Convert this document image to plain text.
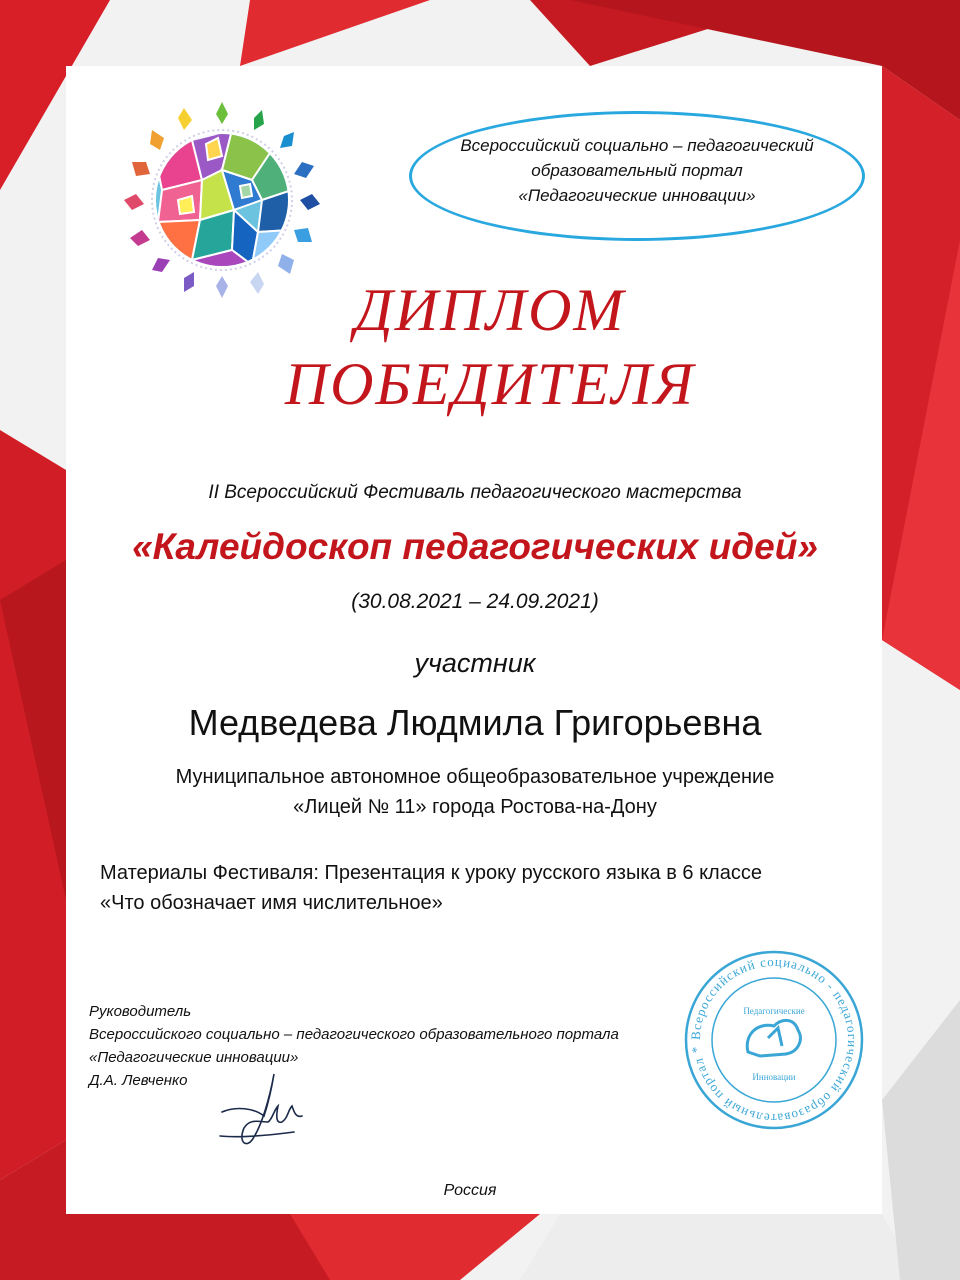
Всероссийский социально – педагогический
образовательный портал
«Педагогические инновации»
ДИПЛОМ
ПОБЕДИТЕЛЯ
II Всероссийский Фестиваль педагогического мастерства
«Калейдоскоп педагогических идей»
(30.08.2021 – 24.09.2021)
участник
Медведева Людмила Григорьевна
Муниципальное автономное общеобразовательное учреждение
«Лицей № 11» города Ростова-на-Дону
Материалы Фестиваля: Презентация к уроку русского языка в 6 классе
«Что обозначает имя числительное»
Всероссийский социально - педагогический образовательный портал *
Педагогические
Инновации
Руководитель
Всероссийского социально – педагогического образовательного портала
«Педагогические инновации»
Д.А. Левченко
Россия
